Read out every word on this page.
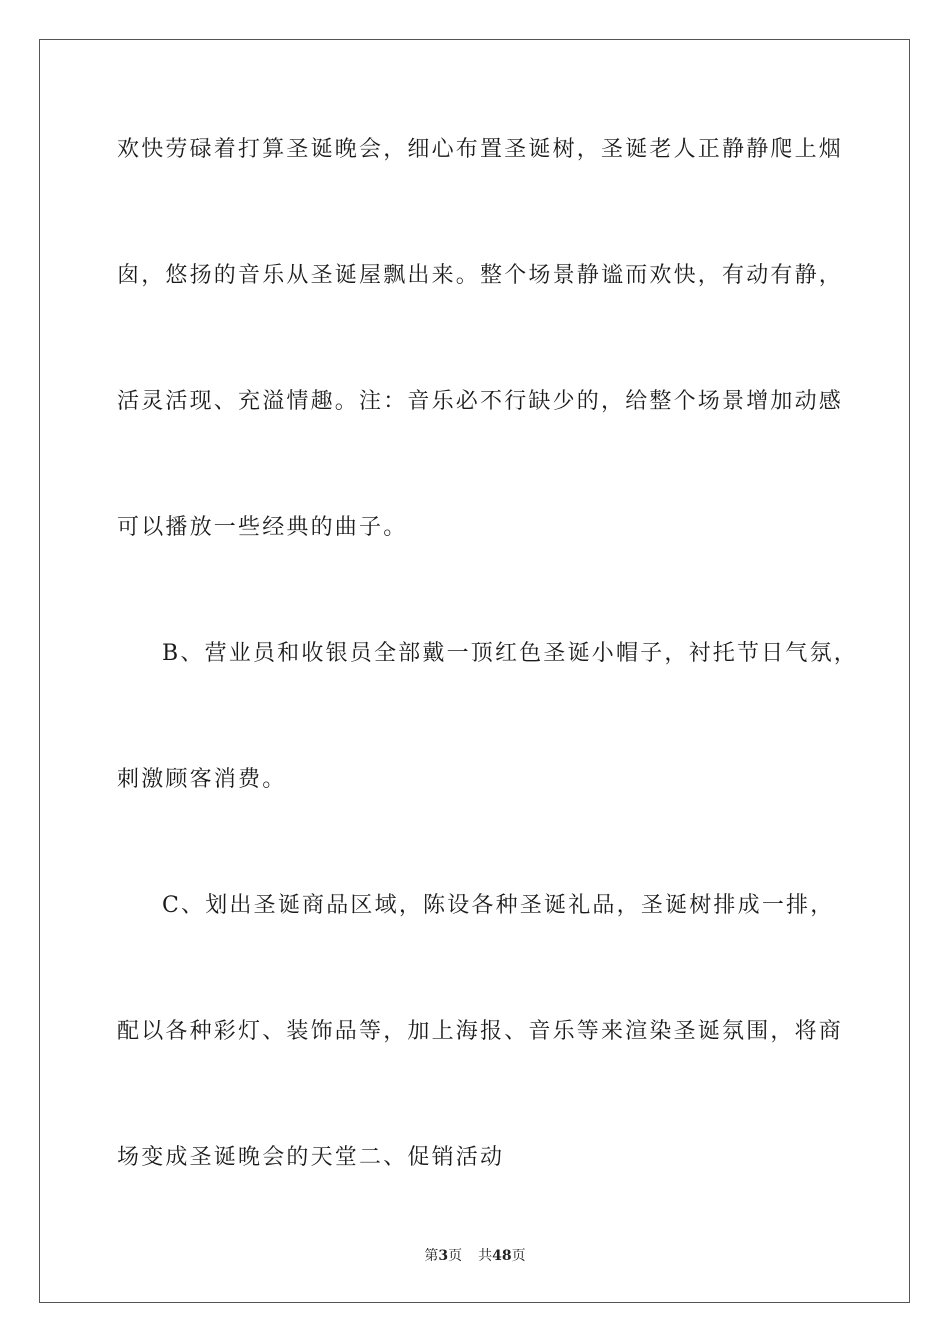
欢快劳碌着打算圣诞晚会，细心布置圣诞树，圣诞老人正静静爬上烟
囱，悠扬的音乐从圣诞屋飘出来。整个场景静谧而欢快，有动有静，
活灵活现、充溢情趣。注：音乐必不行缺少的，给整个场景增加动感
可以播放一些经典的曲子。
B、营业员和收银员全部戴一顶红色圣诞小帽子，衬托节日气氛，
刺激顾客消费。
C、划出圣诞商品区域，陈设各种圣诞礼品，圣诞树排成一排，
配以各种彩灯、装饰品等，加上海报、音乐等来渲染圣诞氛围，将商
场变成圣诞晚会的天堂二、促销活动
第3页 共48页
